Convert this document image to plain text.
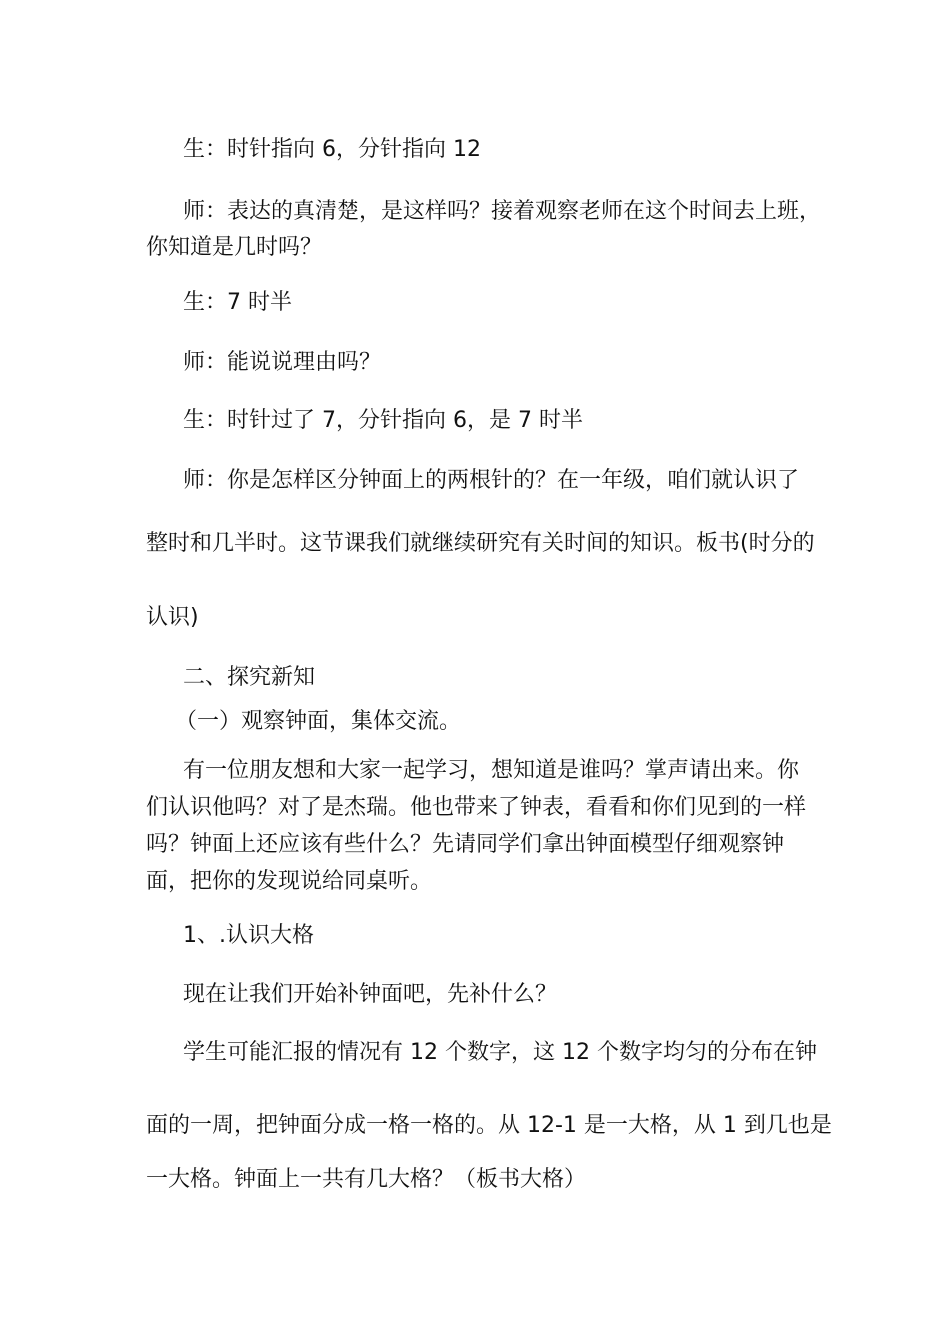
生：时针指向 6，分针指向 12

师：表达的真清楚，是这样吗？接着观察老师在这个时间去上班，

你知道是几时吗？

生：7 时半

师：能说说理由吗？

生：时针过了 7，分针指向 6，是 7 时半

师：你是怎样区分钟面上的两根针的？在一年级，咱们就认识了

整时和几半时。这节课我们就继续研究有关时间的知识。板书(时分的

认识)

二、探究新知

（一）观察钟面，集体交流。

有一位朋友想和大家一起学习，想知道是谁吗？掌声请出来。你

们认识他吗？对了是杰瑞。他也带来了钟表，看看和你们见到的一样

吗？钟面上还应该有些什么？先请同学们拿出钟面模型仔细观察钟

面，把你的发现说给同桌听。

1、.认识大格

现在让我们开始补钟面吧，先补什么？

学生可能汇报的情况有 12 个数字，这 12 个数字均匀的分布在钟

面的一周，把钟面分成一格一格的。从 12-1 是一大格，从 1 到几也是

一大格。钟面上一共有几大格？（板书大格）
